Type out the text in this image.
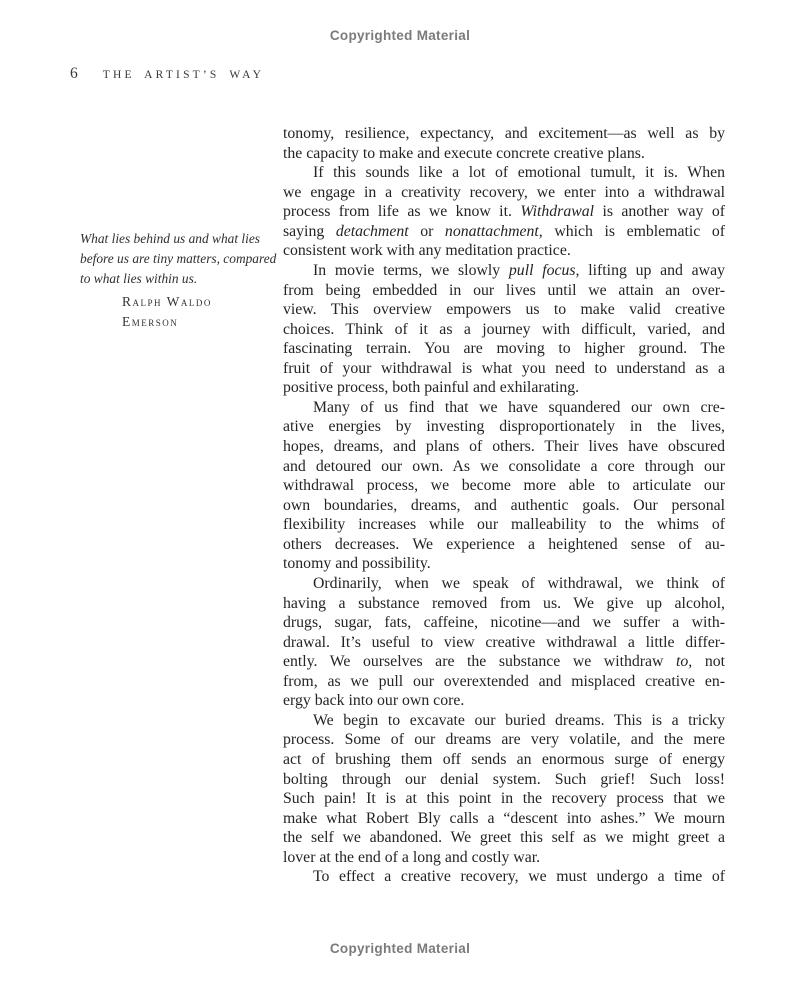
Copyrighted Material
6 THE ARTIST’S WAY
What lies behind us and what lies
before us are tiny matters, compared
to what lies within us.
Ralph Waldo
Emerson
tonomy, resilience, expectancy, and excitement—as well as by
the capacity to make and execute concrete creative plans.
If this sounds like a lot of emotional tumult, it is. When
we engage in a creativity recovery, we enter into a withdrawal
process from life as we know it. Withdrawal is another way of
saying detachment or nonattachment, which is emblematic of
consistent work with any meditation practice.
In movie terms, we slowly pull focus, lifting up and away
from being embedded in our lives until we attain an over-
view. This overview empowers us to make valid creative
choices. Think of it as a journey with difficult, varied, and
fascinating terrain. You are moving to higher ground. The
fruit of your withdrawal is what you need to understand as a
positive process, both painful and exhilarating.
Many of us find that we have squandered our own cre-
ative energies by investing disproportionately in the lives,
hopes, dreams, and plans of others. Their lives have obscured
and detoured our own. As we consolidate a core through our
withdrawal process, we become more able to articulate our
own boundaries, dreams, and authentic goals. Our personal
flexibility increases while our malleability to the whims of
others decreases. We experience a heightened sense of au-
tonomy and possibility.
Ordinarily, when we speak of withdrawal, we think of
having a substance removed from us. We give up alcohol,
drugs, sugar, fats, caffeine, nicotine—and we suffer a with-
drawal. It’s useful to view creative withdrawal a little differ-
ently. We ourselves are the substance we withdraw to, not
from, as we pull our overextended and misplaced creative en-
ergy back into our own core.
We begin to excavate our buried dreams. This is a tricky
process. Some of our dreams are very volatile, and the mere
act of brushing them off sends an enormous surge of energy
bolting through our denial system. Such grief! Such loss!
Such pain! It is at this point in the recovery process that we
make what Robert Bly calls a “descent into ashes.” We mourn
the self we abandoned. We greet this self as we might greet a
lover at the end of a long and costly war.
To effect a creative recovery, we must undergo a time of
Copyrighted Material
